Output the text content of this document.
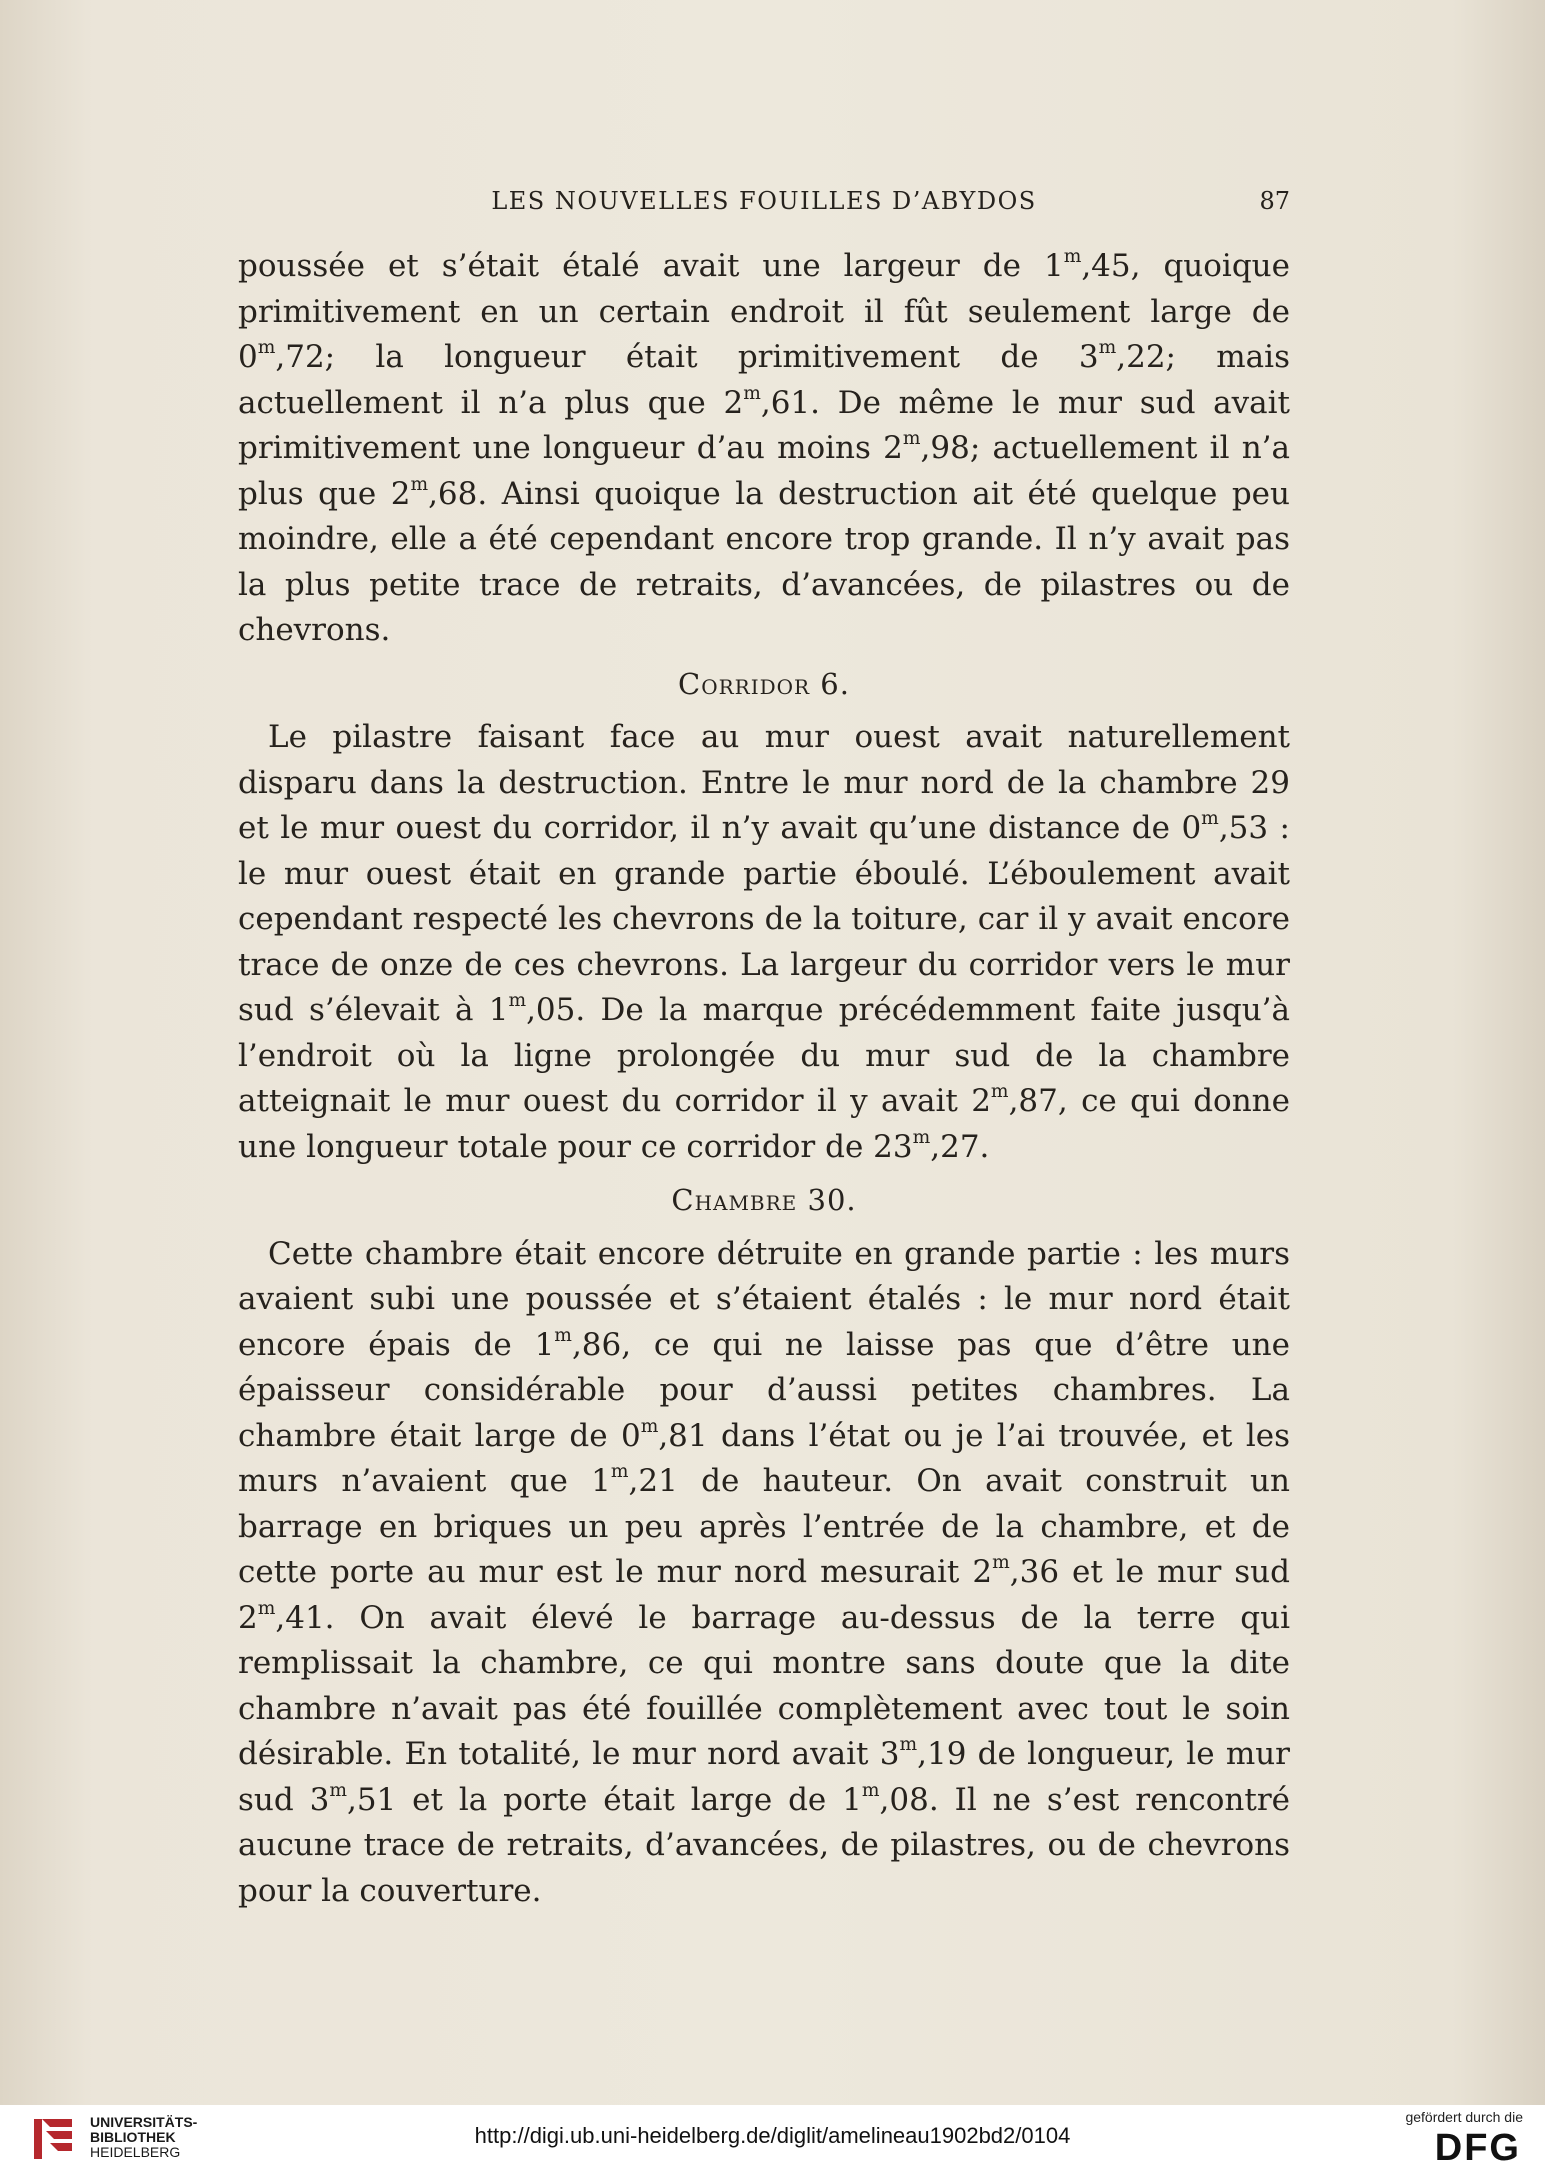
LES NOUVELLES FOUILLES D’ABYDOS	87

poussée et s’était étalé avait une largeur de 1$^m$,45, quoique primitivement en un certain endroit il fût seulement large de 0$^m$,72; la longueur était primitivement de 3$^m$,22; mais actuellement il n’a plus que 2$^m$,61. De même le mur sud avait primitivement une longueur d’au moins 2$^m$,98; actuellement il n’a plus que 2$^m$,68. Ainsi quoique la destruction ait été quelque peu moindre, elle a été cependant encore trop grande. Il n’y avait pas la plus petite trace de retraits, d’avancées, de pilastres ou de chevrons.

Corridor 6.

Le pilastre faisant face au mur ouest avait naturellement disparu dans la destruction. Entre le mur nord de la chambre 29 et le mur ouest du corridor, il n’y avait qu’une distance de 0$^m$,53 : le mur ouest était en grande partie éboulé. L’éboulement avait cependant respecté les chevrons de la toiture, car il y avait encore trace de onze de ces chevrons. La largeur du corridor vers le mur sud s’élevait à 1$^m$,05. De la marque précédemment faite jusqu’à l’endroit où la ligne prolongée du mur sud de la chambre atteignait le mur ouest du corridor il y avait 2$^m$,87, ce qui donne une longueur totale pour ce corridor de 23$^m$,27.

Chambre 30.

Cette chambre était encore détruite en grande partie : les murs avaient subi une poussée et s’étaient étalés : le mur nord était encore épais de 1$^m$,86, ce qui ne laisse pas que d’être une épaisseur considérable pour d’aussi petites chambres. La chambre était large de 0$^m$,81 dans l’état ou je l’ai trouvée, et les murs n’avaient que 1$^m$,21 de hauteur. On avait construit un barrage en briques un peu après l’entrée de la chambre, et de cette porte au mur est le mur nord mesurait 2$^m$,36 et le mur sud 2$^m$,41. On avait élevé le barrage au-dessus de la terre qui remplissait la chambre, ce qui montre sans doute que la dite chambre n’avait pas été fouillée complètement avec tout le soin désirable. En totalité, le mur nord avait 3$^m$,19 de longueur, le mur sud 3$^m$,51 et la porte était large de 1$^m$,08. Il ne s’est rencontré aucune trace de retraits, d’avancées, de pilastres, ou de chevrons pour la couverture.

UNIVERSITÄTS-
BIBLIOTHEK
HEIDELBERG
http://digi.ub.uni-heidelberg.de/diglit/amelineau1902bd2/0104
gefördert durch die
DFG
